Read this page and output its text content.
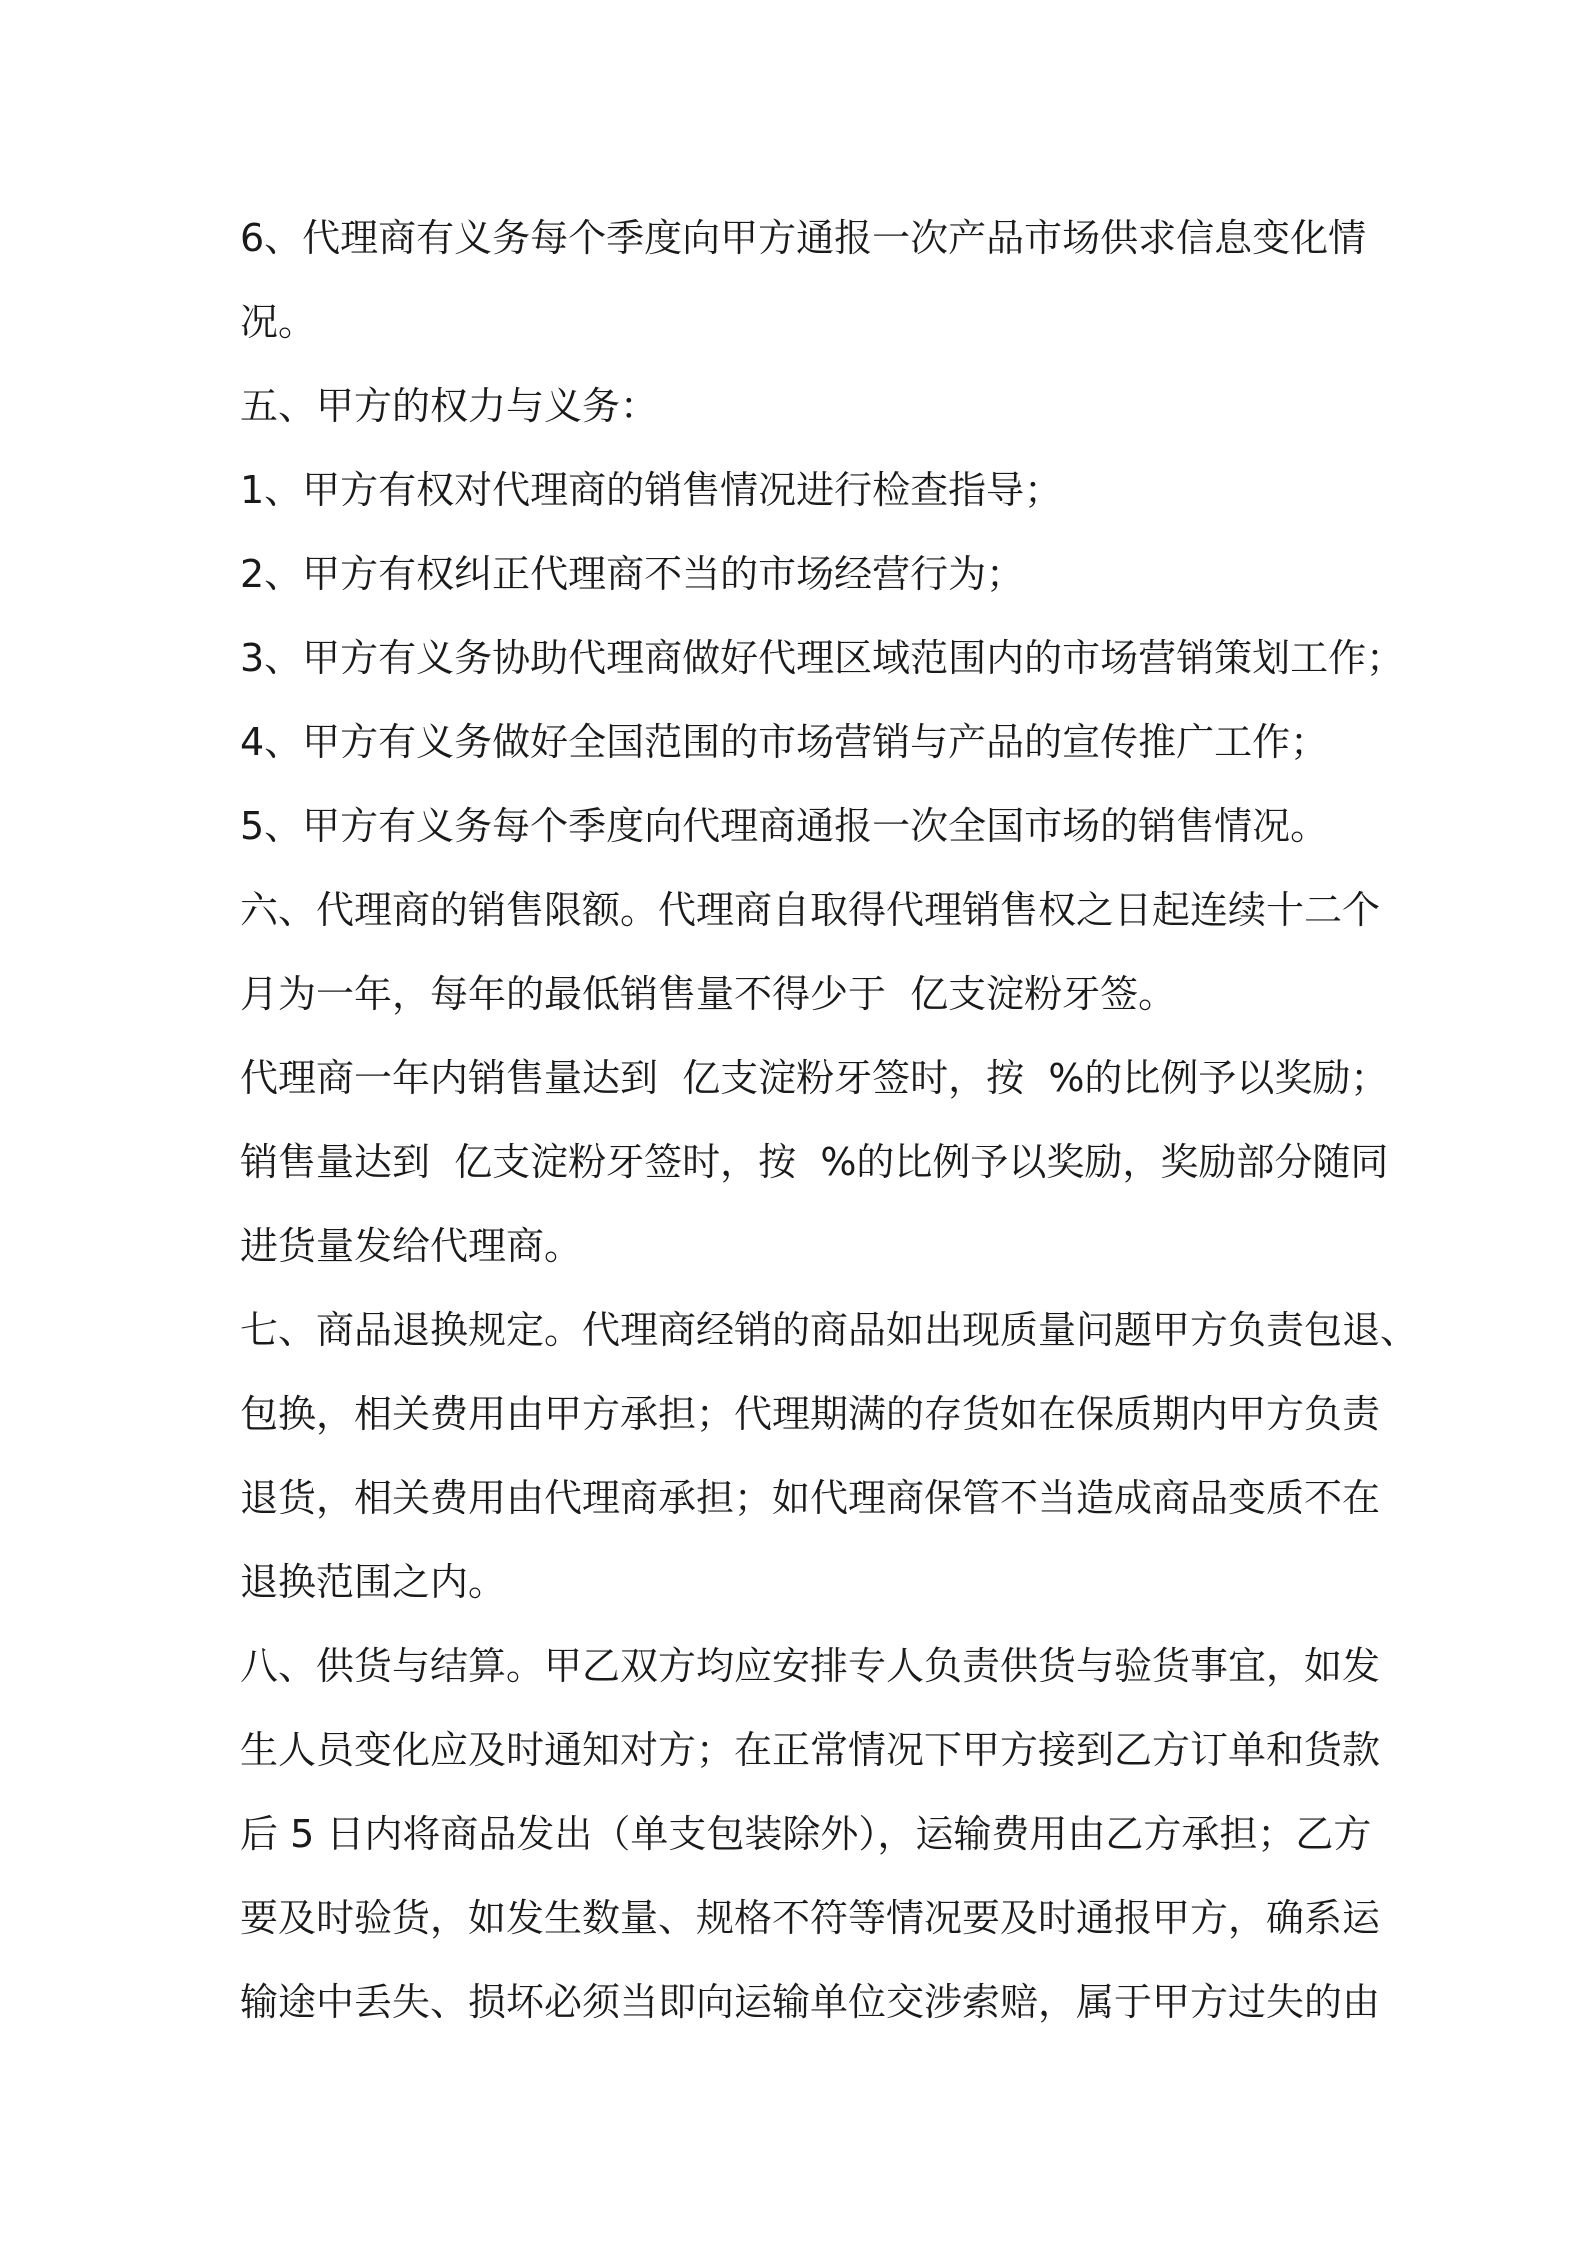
6、代理商有义务每个季度向甲方通报一次产品市场供求信息变化情
况。
五、甲方的权力与义务：
1、甲方有权对代理商的销售情况进行检查指导；
2、甲方有权纠正代理商不当的市场经营行为；
3、甲方有义务协助代理商做好代理区域范围内的市场营销策划工作；
4、甲方有义务做好全国范围的市场营销与产品的宣传推广工作；
5、甲方有义务每个季度向代理商通报一次全国市场的销售情况。
六、代理商的销售限额。代理商自取得代理销售权之日起连续十二个
月为一年，每年的最低销售量不得少于  亿支淀粉牙签。
代理商一年内销售量达到  亿支淀粉牙签时，按  %的比例予以奖励；
销售量达到  亿支淀粉牙签时，按  %的比例予以奖励，奖励部分随同
进货量发给代理商。
七、商品退换规定。代理商经销的商品如出现质量问题甲方负责包退、
包换，相关费用由甲方承担；代理期满的存货如在保质期内甲方负责
退货，相关费用由代理商承担；如代理商保管不当造成商品变质不在
退换范围之内。
八、供货与结算。甲乙双方均应安排专人负责供货与验货事宜，如发
生人员变化应及时通知对方；在正常情况下甲方接到乙方订单和货款
后 5 日内将商品发出（单支包装除外），运输费用由乙方承担；乙方
要及时验货，如发生数量、规格不符等情况要及时通报甲方，确系运
输途中丢失、损坏必须当即向运输单位交涉索赔，属于甲方过失的由
